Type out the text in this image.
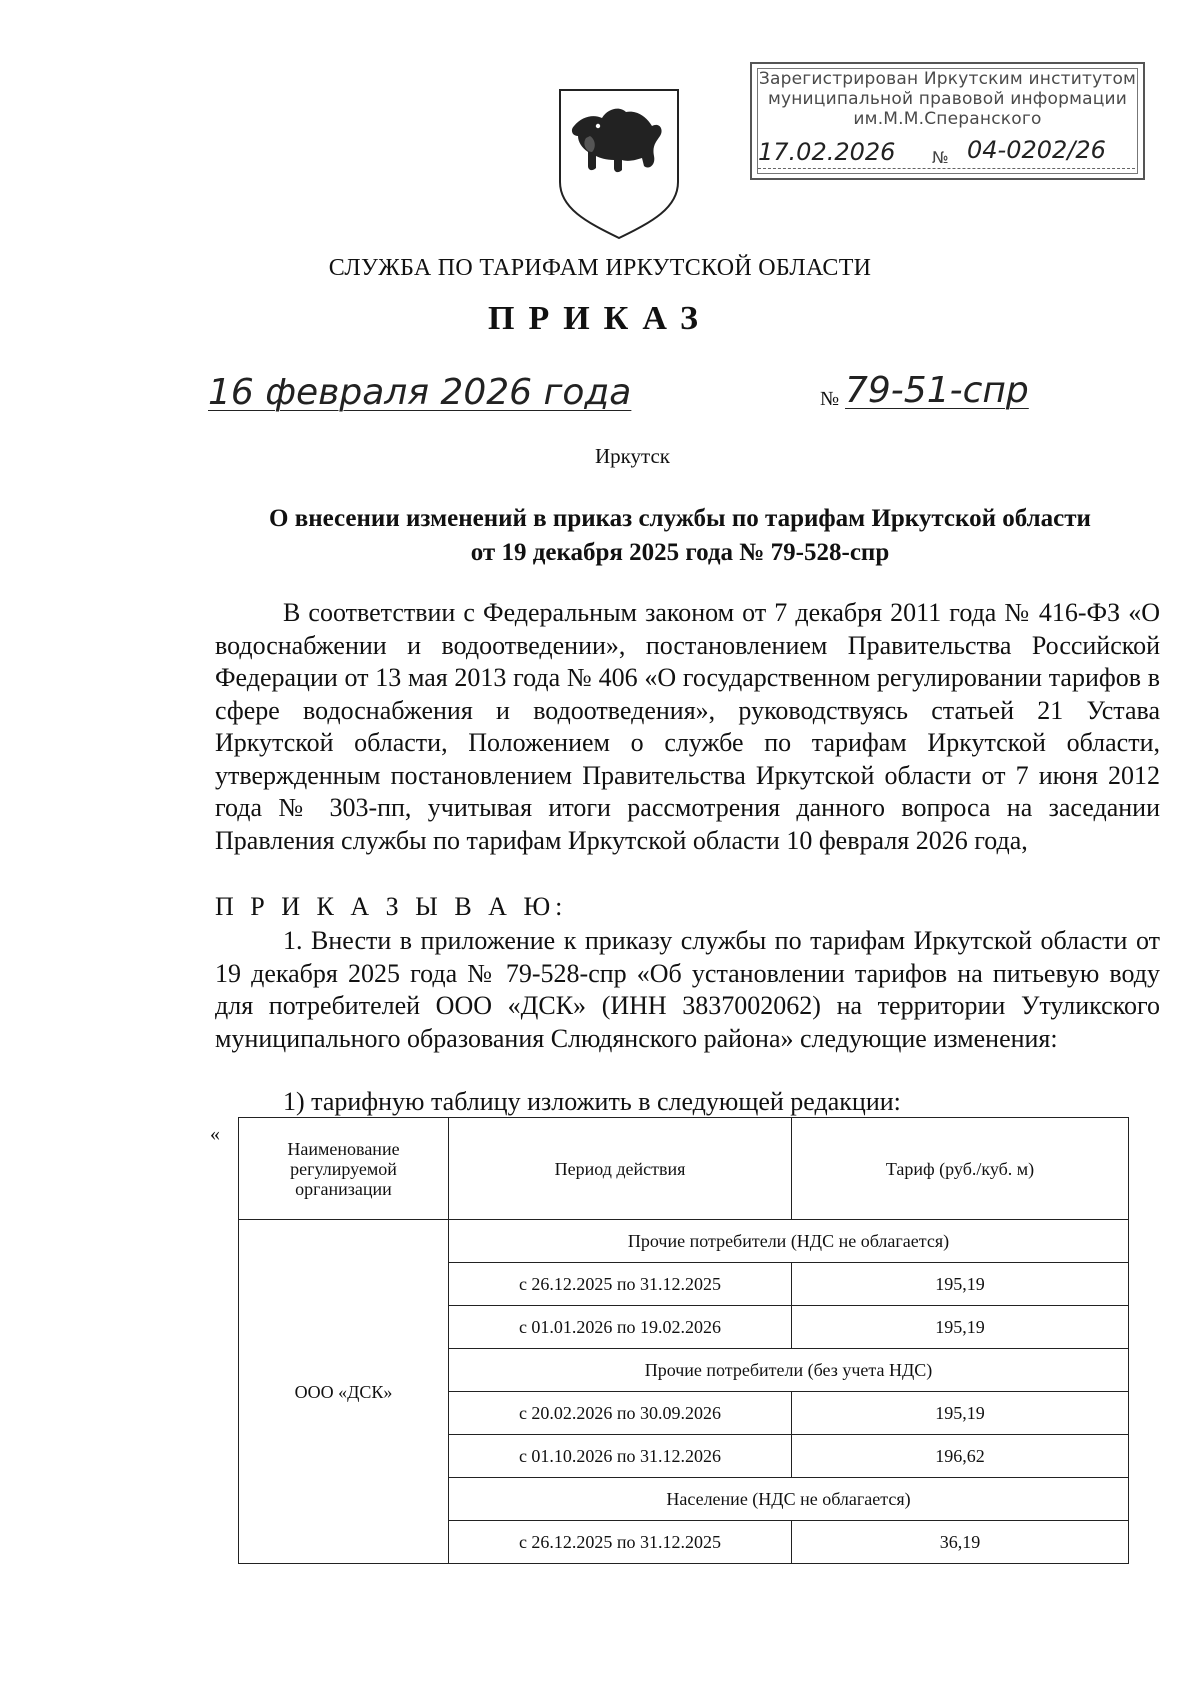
Зарегистрирован Иркутским институтом
муниципальной правовой информации
им.М.М.Сперанского
17.02.2026 № 04-0202/26
СЛУЖБА ПО ТАРИФАМ ИРКУТСКОЙ ОБЛАСТИ
ПРИКАЗ
16 февраля 2026 года	№ 79-51-спр
Иркутск
О внесении изменений в приказ службы по тарифам Иркутской области
от 19 декабря 2025 года № 79-528-спр
В соответствии с Федеральным законом от 7 декабря 2011 года № 416-ФЗ «О водоснабжении и водоотведении», постановлением Правительства Российской Федерации от 13 мая 2013 года № 406 «О государственном регулировании тарифов в сфере водоснабжения и водоотведения», руководствуясь статьей 21 Устава Иркутской области, Положением о службе по тарифам Иркутской области, утвержденным постановлением Правительства Иркутской области от 7 июня 2012 года № 303-пп, учитывая итоги рассмотрения данного вопроса на заседании Правления службы по тарифам Иркутской области 10 февраля 2026 года,
П Р И К А З Ы В А Ю:
1. Внести в приложение к приказу службы по тарифам Иркутской области от 19 декабря 2025 года № 79-528-спр «Об установлении тарифов на питьевую воду для потребителей ООО «ДСК» (ИНН 3837002062) на территории Утуликского муниципального образования Слюдянского района» следующие изменения:
1) тарифную таблицу изложить в следующей редакции:
«
Наименование регулируемой организации	Период действия	Тариф (руб./куб. м)
ООО «ДСК»	Прочие потребители (НДС не облагается)	
	с 26.12.2025 по 31.12.2025	195,19
	с 01.01.2026 по 19.02.2026	195,19
	Прочие потребители (без учета НДС)	
	с 20.02.2026 по 30.09.2026	195,19
	с 01.10.2026 по 31.12.2026	196,62
	Население (НДС не облагается)	
	с 26.12.2025 по 31.12.2025	36,19
